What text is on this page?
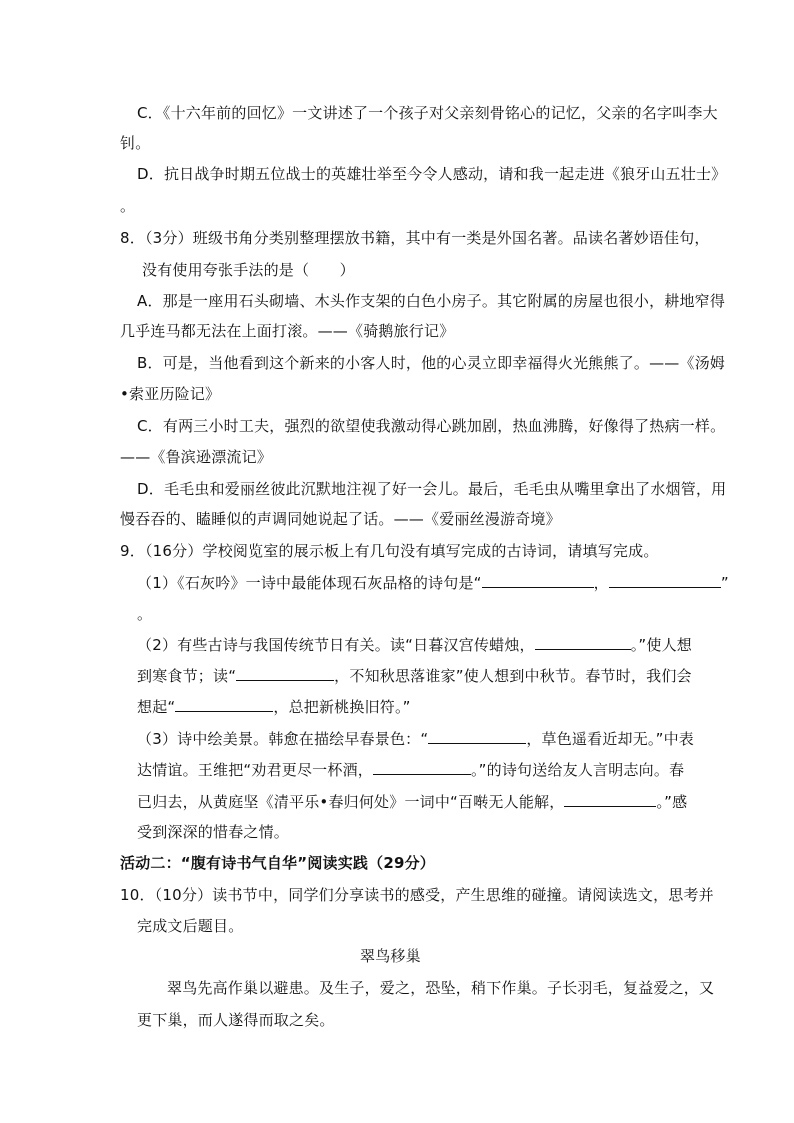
C．《十六年前的回忆》一文讲述了一个孩子对父亲刻骨铭心的记忆，父亲的名字叫李大
钊。
D．抗日战争时期五位战士的英雄壮举至今令人感动，请和我一起走进《狼牙山五壮士》
。
8．（3分）班级书角分类别整理摆放书籍，其中有一类是外国名著。品读名著妙语佳句，
没有使用夸张手法的是（　　）
A．那是一座用石头砌墙、木头作支架的白色小房子。其它附属的房屋也很小，耕地窄得
几乎连马都无法在上面打滚。——《骑鹅旅行记》
B．可是，当他看到这个新来的小客人时，他的心灵立即幸福得火光熊熊了。——《汤姆
•索亚历险记》
C．有两三小时工夫，强烈的欲望使我激动得心跳加剧，热血沸腾，好像得了热病一样。
——《鲁滨逊漂流记》
D．毛毛虫和爱丽丝彼此沉默地注视了好一会儿。最后，毛毛虫从嘴里拿出了水烟管，用
慢吞吞的、瞌睡似的声调同她说起了话。——《爱丽丝漫游奇境》
9．（16分）学校阅览室的展示板上有几句没有填写完成的古诗词，请填写完成。
（1）《石灰吟》一诗中最能体现石灰品格的诗句是“	，	”
。
（2）有些古诗与我国传统节日有关。读“日暮汉宫传蜡烛，	。”使人想
到寒食节；读“	，不知秋思落谁家”使人想到中秋节。春节时，我们会
想起“	，总把新桃换旧符。”
（3）诗中绘美景。韩愈在描绘早春景色：“	，草色遥看近却无。”中表
达情谊。王维把“劝君更尽一杯酒，	。”的诗句送给友人言明志向。春
已归去，从黄庭坚《清平乐•春归何处》一词中“百啭无人能解，	。”感
受到深深的惜春之情。
活动二：“腹有诗书气自华”阅读实践（29分）
10．（10分）读书节中，同学们分享读书的感受，产生思维的碰撞。请阅读选文，思考并
完成文后题目。
翠鸟移巢
翠鸟先高作巢以避患。及生子，爱之，恐坠，稍下作巢。子长羽毛，复益爱之，又
更下巢，而人遂得而取之矣。
